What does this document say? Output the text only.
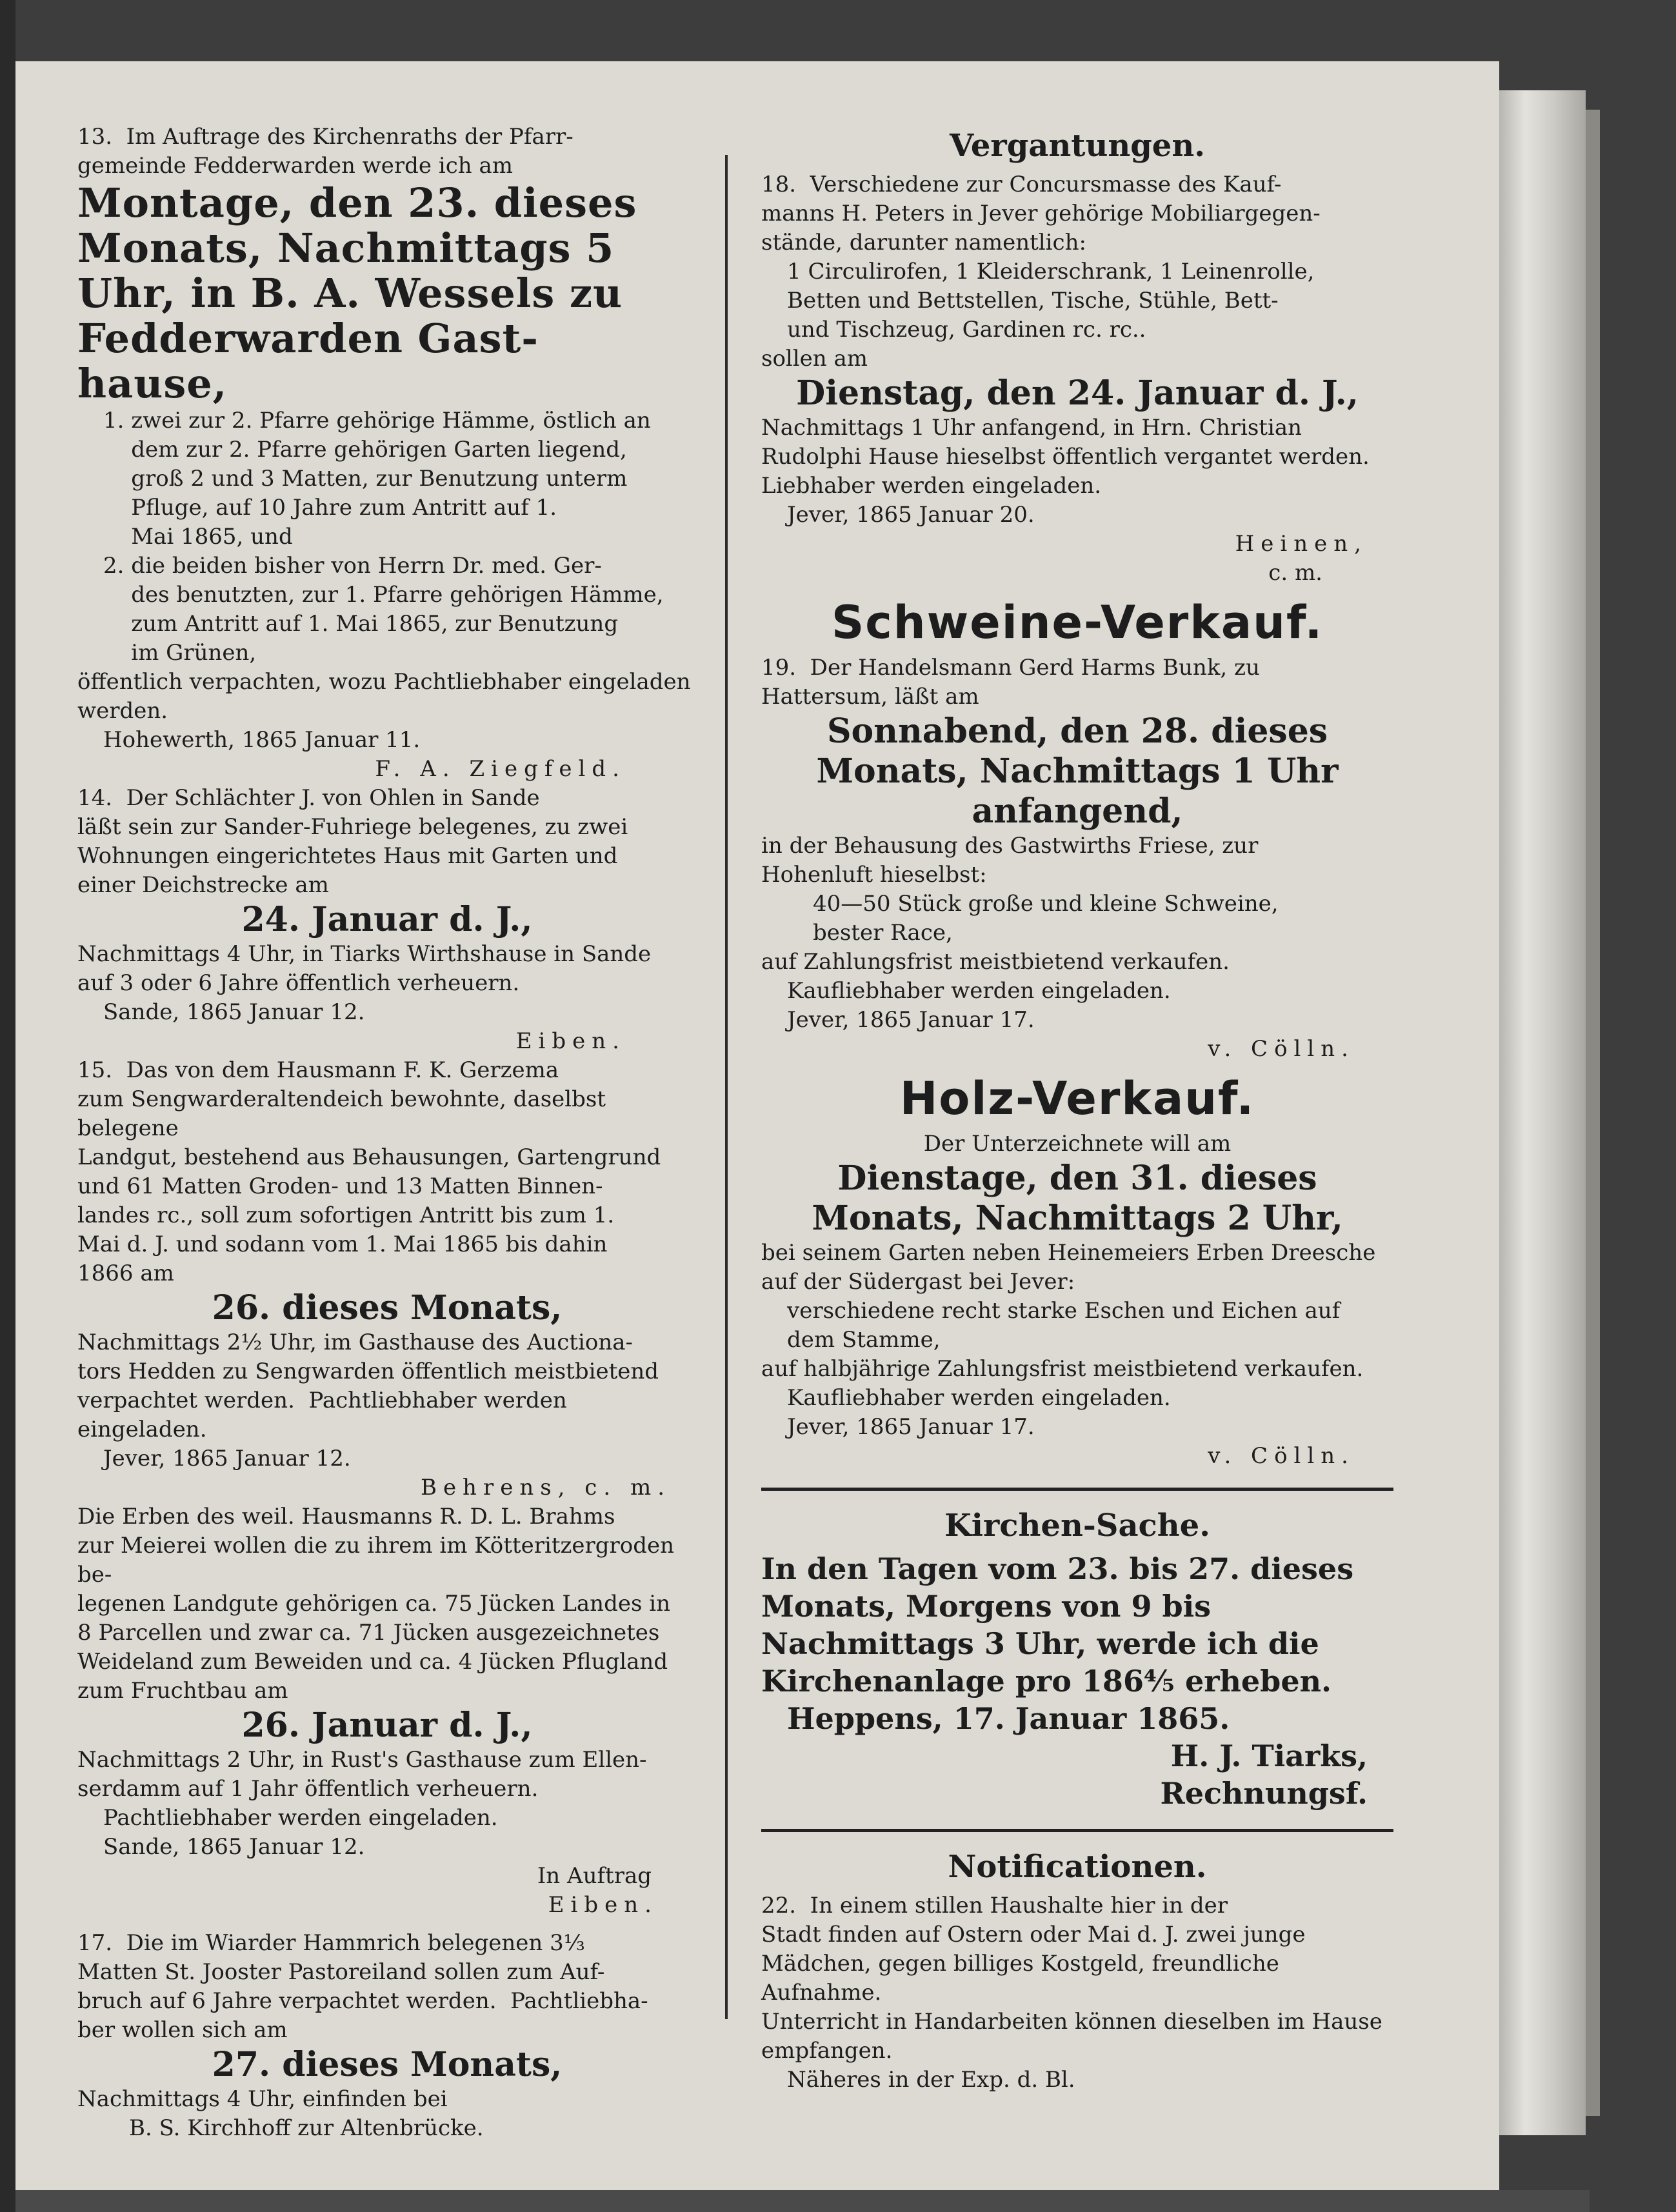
13.  Im Auftrage des Kirchenraths der Pfarr-
gemeinde Fedderwarden werde ich am

Montage, den 23. dieses Monats, Nachmittags 5 Uhr, in B. A. Wessels zu Fedderwarden Gast- hause,

1. zwei zur 2. Pfarre gehörige Hämme, östlich an
dem zur 2. Pfarre gehörigen Garten liegend,
groß 2 und 3 Matten, zur Benutzung unterm
Pfluge, auf 10 Jahre zum Antritt auf 1.
Mai 1865, und

2. die beiden bisher von Herrn Dr. med. Ger-
des benutzten, zur 1. Pfarre gehörigen Hämme,
zum Antritt auf 1. Mai 1865, zur Benutzung
im Grünen,

öffentlich verpachten, wozu Pachtliebhaber eingeladen
werden.

Hohewerth, 1865 Januar 11.

F. A. Ziegfeld.

14.  Der Schlächter J. von Ohlen in Sande
läßt sein zur Sander-Fuhriege belegenes, zu zwei
Wohnungen eingerichtetes Haus mit Garten und
einer Deichstrecke am

24. Januar d. J.,

Nachmittags 4 Uhr, in Tiarks Wirthshause in Sande
auf 3 oder 6 Jahre öffentlich verheuern.

Sande, 1865 Januar 12.

Eiben.

15.  Das von dem Hausmann F. K. Gerzema
zum Sengwarderaltendeich bewohnte, daselbst belegene
Landgut, bestehend aus Behausungen, Gartengrund
und 61 Matten Groden- und 13 Matten Binnen-
landes rc., soll zum sofortigen Antritt bis zum 1.
Mai d. J. und sodann vom 1. Mai 1865 bis dahin
1866 am

26. dieses Monats,

Nachmittags 2½ Uhr, im Gasthause des Auctiona-
tors Hedden zu Sengwarden öffentlich meistbietend
verpachtet werden.  Pachtliebhaber werden eingeladen.

Jever, 1865 Januar 12.

Behrens, c. m.

Die Erben des weil. Hausmanns R. D. L. Brahms
zur Meierei wollen die zu ihrem im Kötteritzergroden be-
legenen Landgute gehörigen ca. 75 Jücken Landes in
8 Parcellen und zwar ca. 71 Jücken ausgezeichnetes
Weideland zum Beweiden und ca. 4 Jücken Pflugland
zum Fruchtbau am

26. Januar d. J.,

Nachmittags 2 Uhr, in Rust's Gasthause zum Ellen-
serdamm auf 1 Jahr öffentlich verheuern.

Pachtliebhaber werden eingeladen.

Sande, 1865 Januar 12.

In Auftrag

Eiben.

17.  Die im Wiarder Hammrich belegenen 3⅓
Matten St. Jooster Pastoreiland sollen zum Auf-
bruch auf 6 Jahre verpachtet werden.  Pachtliebha-
ber wollen sich am

27. dieses Monats,

Nachmittags 4 Uhr, einfinden bei

B. S. Kirchhoff zur Altenbrücke.

Vergantungen.

18.  Verschiedene zur Concursmasse des Kauf-
manns H. Peters in Jever gehörige Mobiliargegen-
stände, darunter namentlich:

1 Circulirofen, 1 Kleiderschrank, 1 Leinenrolle,
Betten und Bettstellen, Tische, Stühle, Bett-
und Tischzeug, Gardinen rc. rc..

sollen am

Dienstag, den 24. Januar d. J.,

Nachmittags 1 Uhr anfangend, in Hrn. Christian
Rudolphi Hause hieselbst öffentlich vergantet werden.
Liebhaber werden eingeladen.

Jever, 1865 Januar 20.

Heinen,

c. m.

Schweine-Verkauf.

19.  Der Handelsmann Gerd Harms Bunk, zu
Hattersum, läßt am

Sonnabend, den 28. dieses Monats, Nachmittags 1 Uhr anfangend,

in der Behausung des Gastwirths Friese, zur
Hohenluft hieselbst:

40—50 Stück große und kleine Schweine,
bester Race,

auf Zahlungsfrist meistbietend verkaufen.

Kaufliebhaber werden eingeladen.

Jever, 1865 Januar 17.

v. Cölln.

Holz-Verkauf.

Der Unterzeichnete will am

Dienstage, den 31. dieses Monats, Nachmittags 2 Uhr,

bei seinem Garten neben Heinemeiers Erben Dreesche
auf der Südergast bei Jever:

verschiedene recht starke Eschen und Eichen auf
dem Stamme,

auf halbjährige Zahlungsfrist meistbietend verkaufen.

Kaufliebhaber werden eingeladen.

Jever, 1865 Januar 17.

v. Cölln.

Kirchen-Sache.

In den Tagen vom 23. bis 27. dieses Monats, Morgens von 9 bis Nachmittags 3 Uhr, werde ich die Kirchenanlage pro 186⁴⁄₅ erheben.

Heppens, 17. Januar 1865.

H. J. Tiarks,

Rechnungsf.

Notificationen.

22.  In einem stillen Haushalte hier in der
Stadt finden auf Ostern oder Mai d. J. zwei junge
Mädchen, gegen billiges Kostgeld, freundliche Aufnahme.
Unterricht in Handarbeiten können dieselben im Hause
empfangen.

Näheres in der Exp. d. Bl.
